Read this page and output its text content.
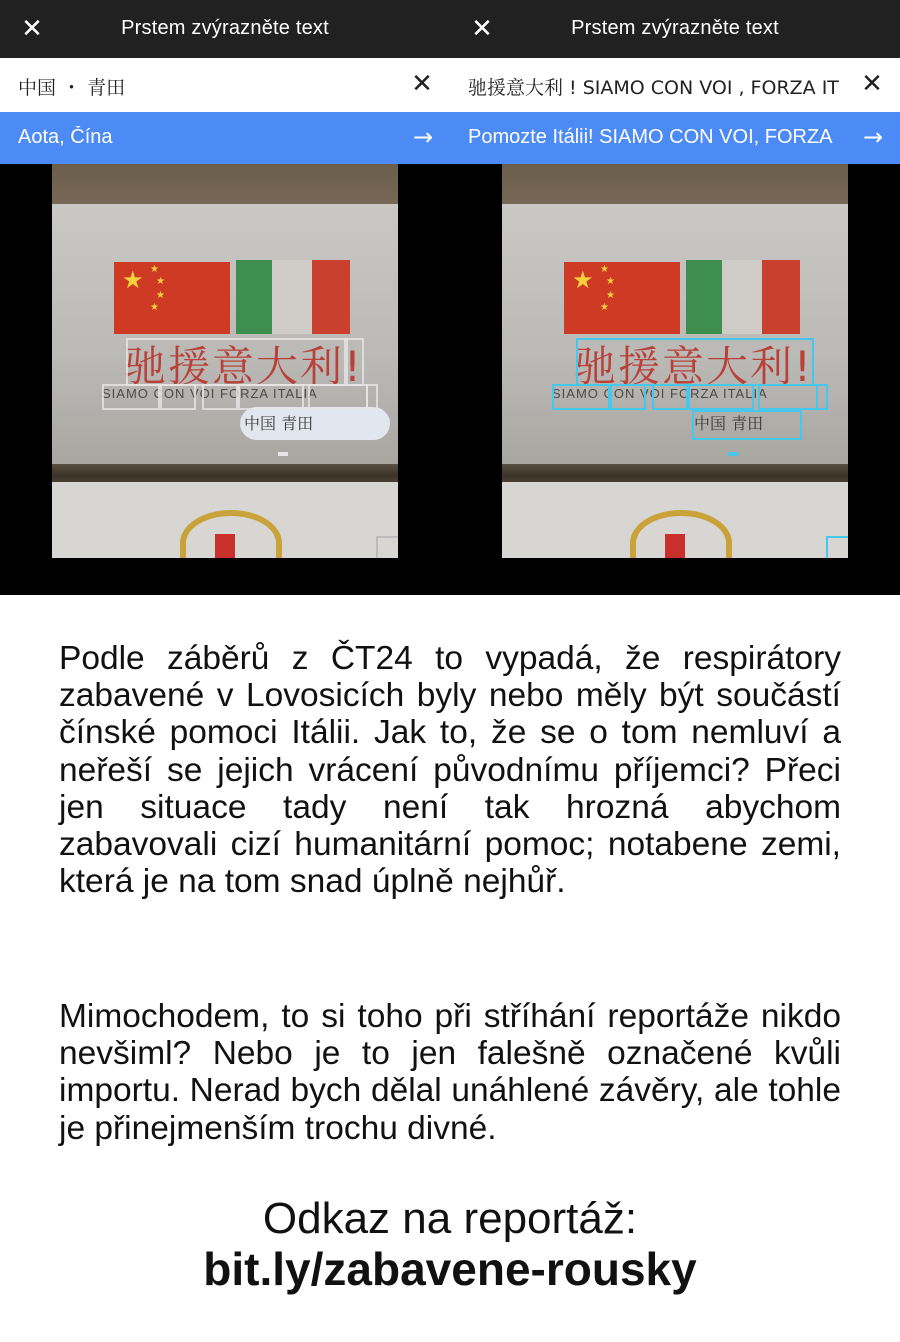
✕	Prstem zvýrazněte text
中国 ・ 青田	✕
Aota, Čína	→
★ ★
★
★
★
驰援意大利!
SIAMO CON VOI FORZA ITALIA
中国 青田
✕	Prstem zvýrazněte text
驰援意大利 ! SIAMO CON VOI , FORZA IT ✕
Pomozte Itálii! SIAMO CON VOI, FORZA	→
★ ★
★
★
★
驰援意大利!
SIAMO CON VOI FORZA ITALIA
中国 青田

Podle záběrů z ČT24 to vypadá, že respirátory zabavené v Lovosicích byly nebo měly být součástí čínské pomoci Itálii. Jak to, že se o tom nemluví a neřeší se jejich vrácení původnímu příjemci? Přeci jen situace tady není tak hrozná abychom zabavovali cizí humanitární pomoc; notabene zemi, která je na tom snad úplně nejhůř.

Mimochodem, to si toho při stříhání reportáže nikdo nevšiml? Nebo je to jen falešně označené kvůli importu. Nerad bych dělal unáhlené závěry, ale tohle je přinejmenším trochu divné.

Odkaz na reportáž:
bit.ly/zabavene-rousky
